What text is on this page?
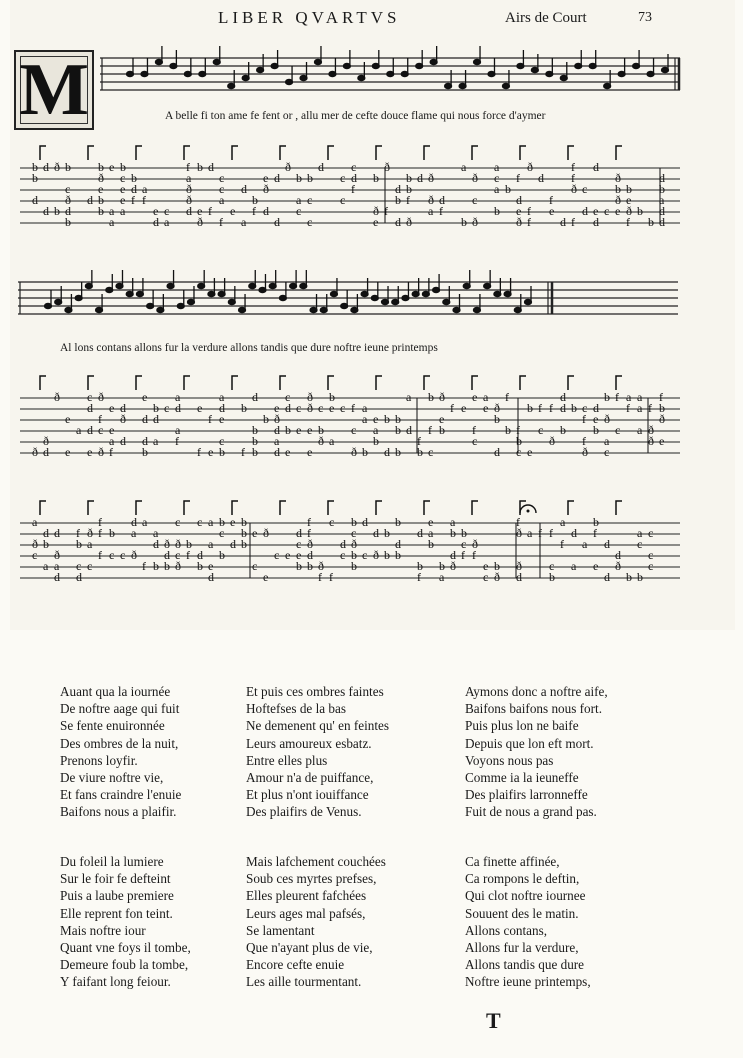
LIBER QVARTVS	Airs de Court	73
M	A belle fi ton ame fe fent or , allu mer de cefte douce flame qui nous force d'aymer
b
b
d
d
d
ð
b
b
c
ð
d
b
d
b
ð
e
b
b
e
a
a
b
c
e
e
a
b
d
f
a
f
e
d
c
a
f
a
ð
ð
d
b
e
ð
d
f
c
c
a
f
e
d
a
b
f
e
ð
d
d
d
ð
b
a
c
b
c
c
d
c
c
c
d
f
b
ð
e
ð
f
d
b
d
b
b
f
ð
d ð
ð
a
d
f
a
b
ð
c
ð
a
c
a
b
b
f
d
e
ð
ð
f
f
d
f
e
d
f
f
ð
f
c
d
d
e
d
c
ð
b
ð
e
b
e
ð
f
b
b
d
b
a
d
d
Al lons contans allons fur la verdure allons tandis que dure noftre ieune printemps
ð
ð
d
ð
e
e
a
c
d
d
e
ð
f
c
ð
e
e
a
f
d
ð
d
e
d
d
b
b
d
a
c
a
d
a
f
e
f
f
e
a
d
e
c
b
b
f
d
b
b
b
b
e
ð
d
a
d
c
d
b
e
c
e
ð
ð
e
e
c
b
ð
b
e
a
c f
c
ð
a
a
b
e
a
b
b
d
b
b
b
a
d
f
b
b
f
c
ð
e
b
f e
e
f
c
a
e ð
b
d
f
b f
b
c
b
e
f
c
f
ð
d
d
b
b c
f
f
ð
d
e
b
b
ð
a
c
f
c
a
f
a
a
a
f
ð
ð
f
b
ð
e
a
ð
c
d
b
a
d
ð
a
d
f
b
c
d
ð
a
c
f
f
f
b
c c
d
a
ð
a
f
a
d
b
ð
d
b
c
ð
c
ð
b
f
c
d
b
a
a
e
d
b
c
b
e
d
b
b
b
e
c
ð
e
c e
d
c
e
b
f
f
ð
d
b ð
f
c
f
d
c
b
c
ð
b
b
d
c
d
ð
b
b
b
d
b
d
b
f
e
a
b
b
a
a
b
d
ð
b
c
f
ð
f
e
c
b
ð
f
ð
ð
d
a f f
c
b
a
f
d
a
a
b
f
e
d
d
d
ð
b
a
c
b
c
c
c
Auant qua la iournée
De noftre aage qui fuit
Se fente enuironnée
Des ombres de la nuit,
Prenons loyfir.
De viure noftre vie,
Et fans craindre l'enuie
Baifons nous a plaifir.
Du foleil la lumiere
Sur le foir fe defteint
Puis a laube premiere
Elle reprent fon teint.
Mais noftre iour
Quant vne foys il tombe,
Demeure foub la tombe,
Y faifant long feiour.
Et puis ces ombres faintes
Hoftefses de la bas
Ne demenent qu' en feintes
Leurs amoureux esbatz.
Entre elles plus
Amour n'a de puiffance,
Et plus n'ont iouiffance
Des plaifirs de Venus.
Mais lafchement couchées
Soub ces myrtes prefses,
Elles pleurent fafchées
Leurs ages mal pafsés,
Se lamentant
Que n'ayant plus de vie,
Encore cefte enuie
Les aille tourmentant.
Aymons donc a noftre aife,
Baifons baifons nous fort.
Puis plus lon ne baife
Depuis que lon eft mort.
Voyons nous pas
Comme ia la ieuneffe
Des plaifirs larronneffe
Fuit de nous a grand pas.
Ca finette affinée,
Ca rompons le deftin,
Qui clot noftre iournee
Souuent des le matin.
Allons contans,
Allons fur la verdure,
Allons tandis que dure
Noftre ieune printemps,
T
